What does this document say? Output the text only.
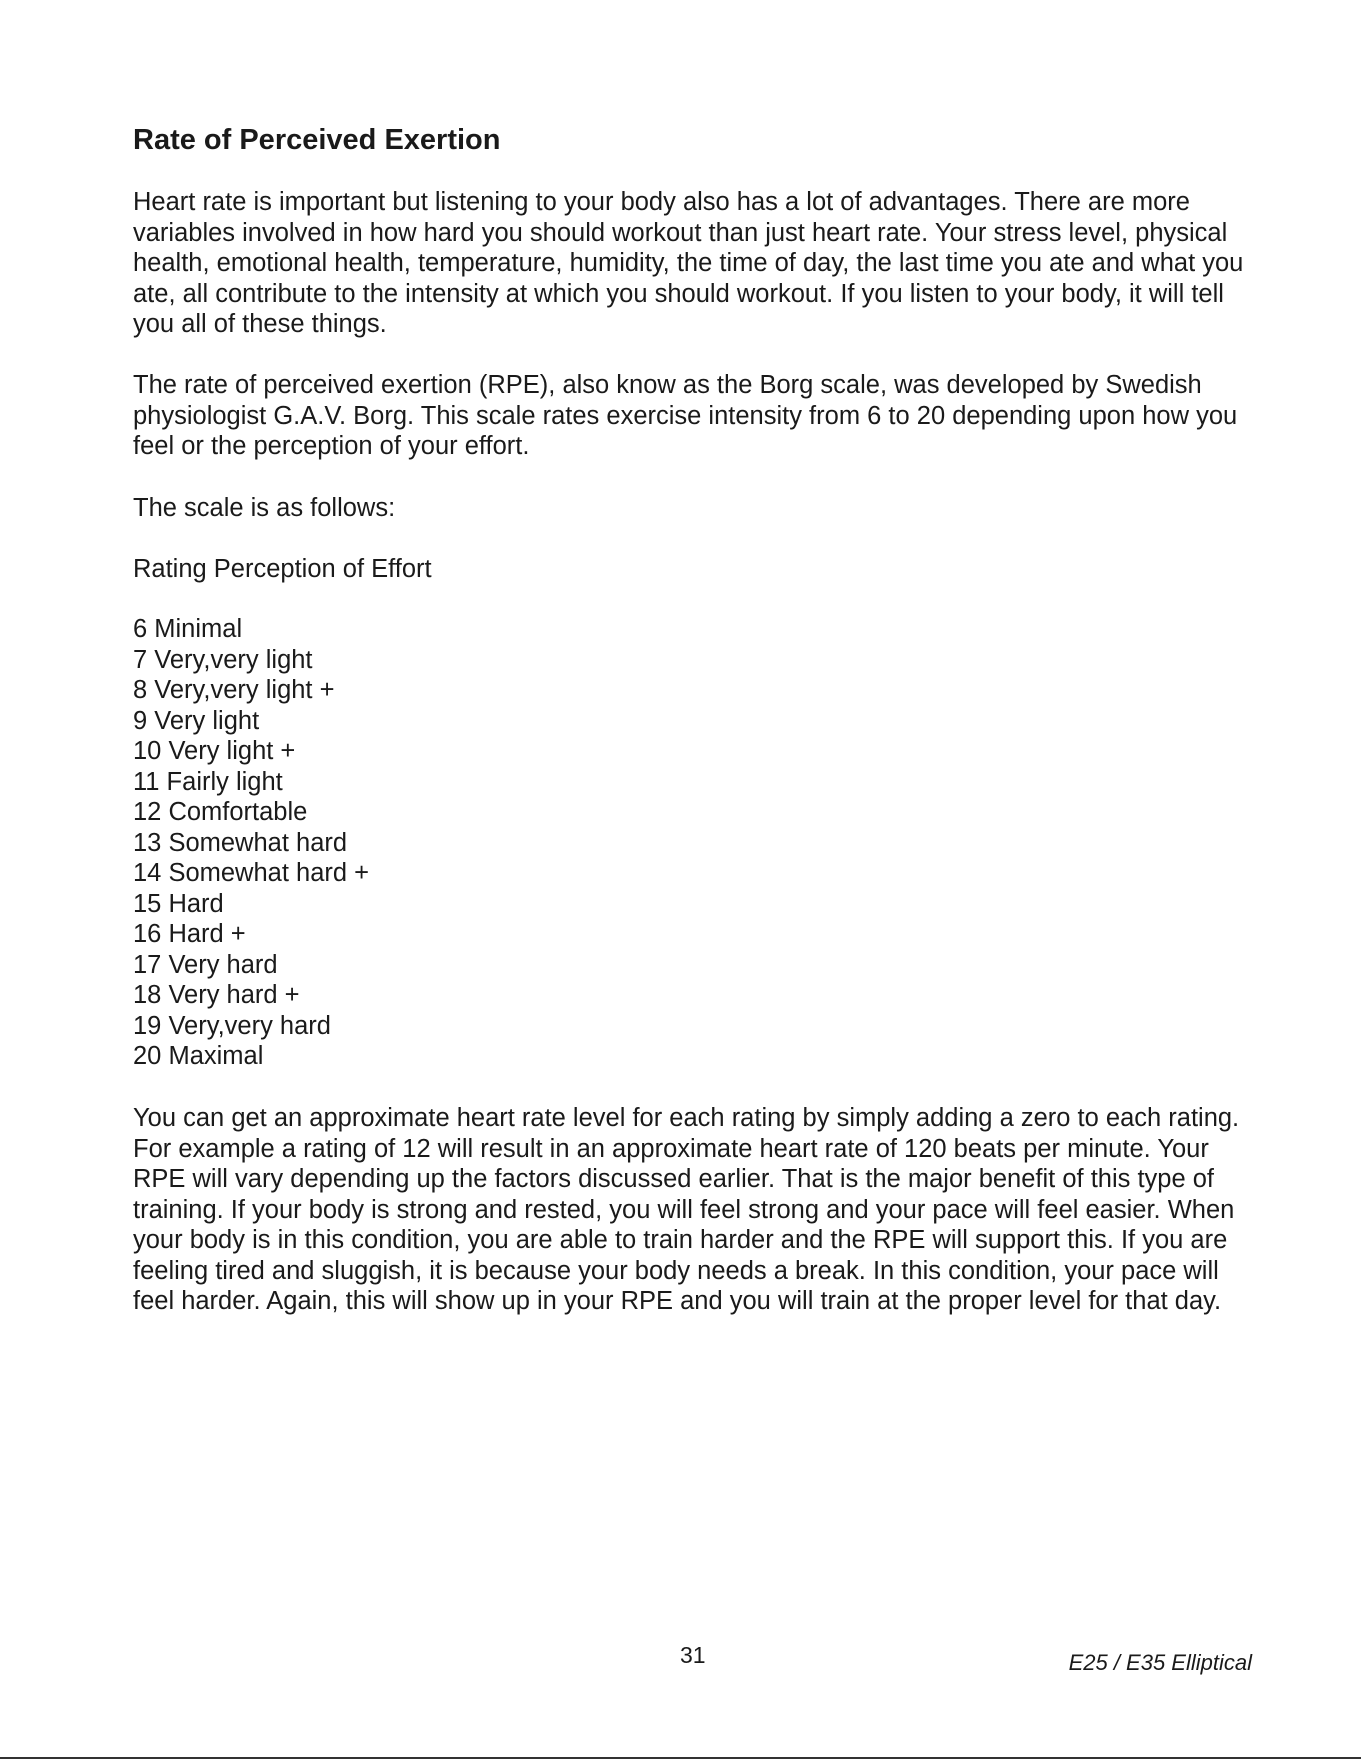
Rate of Perceived Exertion

Heart rate is important but listening to your body also has a lot of advantages. There are more variables involved in how hard you should workout than just heart rate. Your stress level, physical health, emotional health, temperature, humidity, the time of day, the last time you ate and what you ate, all contribute to the intensity at which you should workout. If you listen to your body, it will tell you all of these things.

The rate of perceived exertion (RPE), also know as the Borg scale, was developed by Swedish physiologist G.A.V. Borg. This scale rates exercise intensity from 6 to 20 depending upon how you feel or the perception of your effort.

The scale is as follows:

Rating Perception of Effort

6 Minimal
7 Very,very light
8 Very,very light +
9 Very light
10 Very light +
11 Fairly light
12 Comfortable
13 Somewhat hard
14 Somewhat hard +
15 Hard
16 Hard +
17 Very hard
18 Very hard +
19 Very,very hard
20 Maximal

You can get an approximate heart rate level for each rating by simply adding a zero to each rating. For example a rating of 12 will result in an approximate heart rate of 120 beats per minute. Your RPE will vary depending up the factors discussed earlier. That is the major benefit of this type of training. If your body is strong and rested, you will feel strong and your pace will feel easier. When your body is in this condition, you are able to train harder and the RPE will support this. If you are feeling tired and sluggish, it is because your body needs a break. In this condition, your pace will feel harder. Again, this will show up in your RPE and you will train at the proper level for that day.

31	E25 / E35 Elliptical
